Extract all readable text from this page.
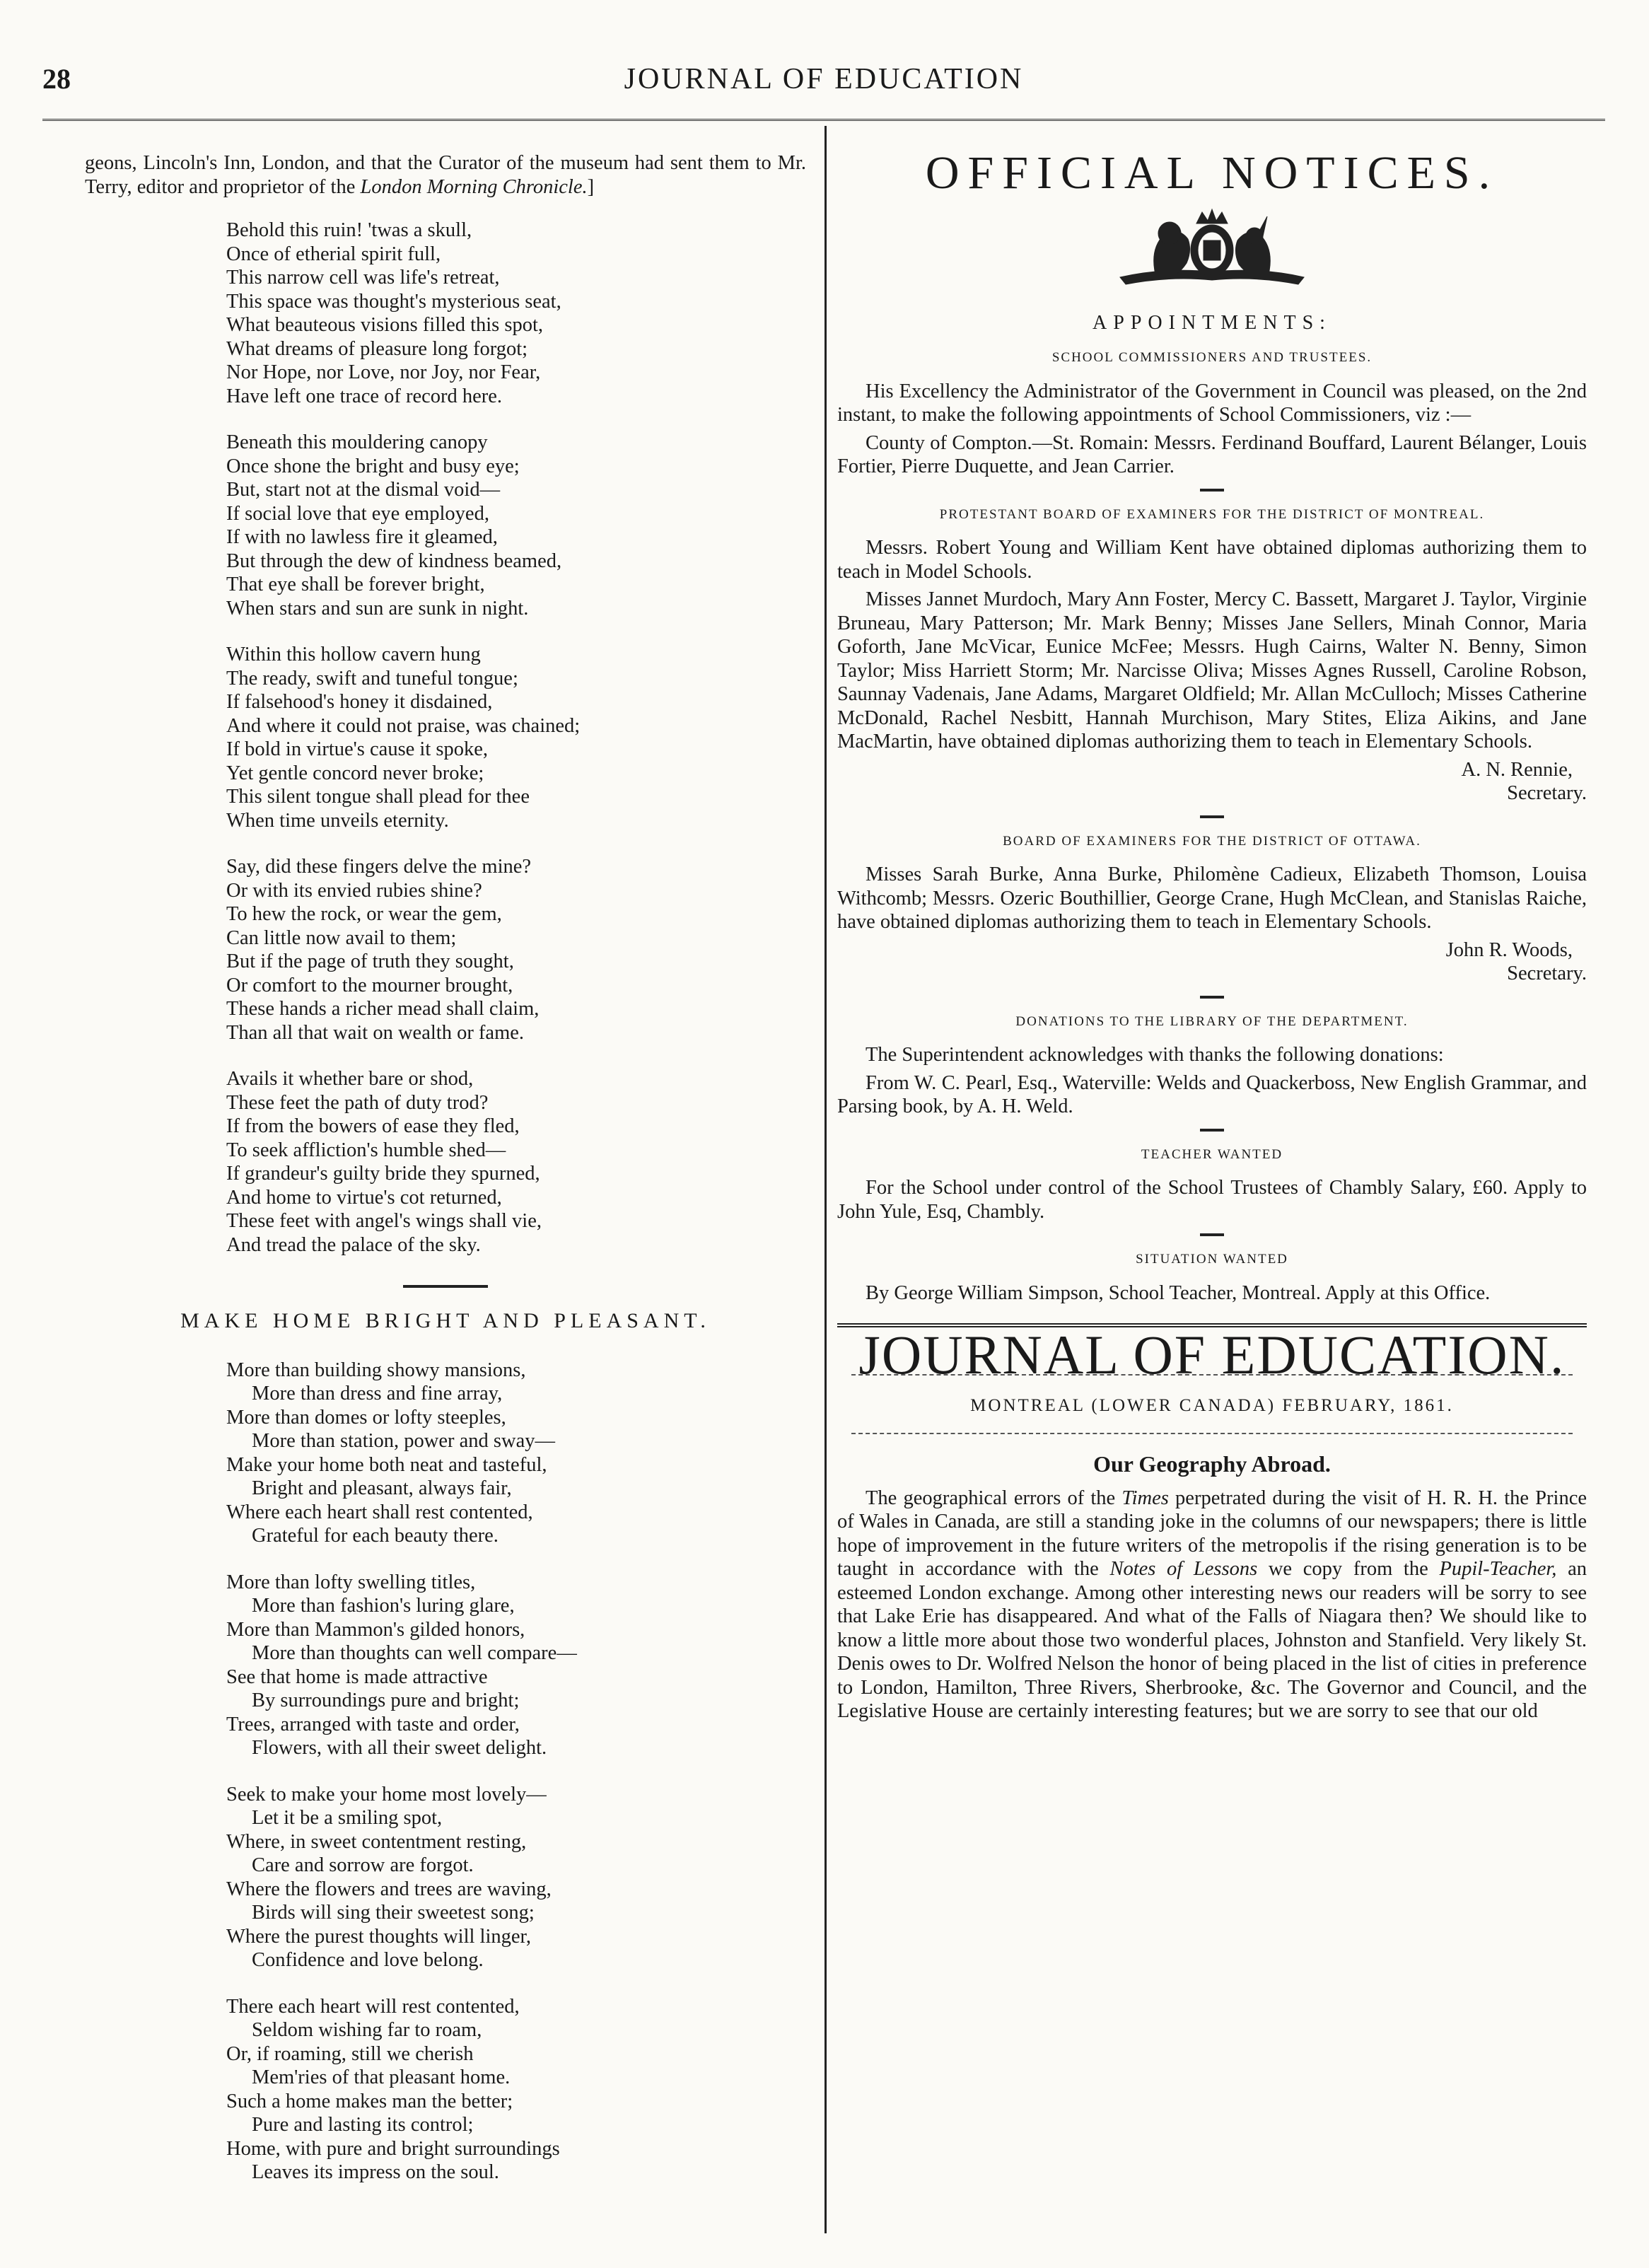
28	JOURNAL OF EDUCATION

geons, Lincoln's Inn, London, and that the Curator of the museum had sent them to Mr. Terry, editor and proprietor of the London Morning Chronicle.]

Behold this ruin! 'twas a skull,
Once of etherial spirit full,
This narrow cell was life's retreat,
This space was thought's mysterious seat,
What beauteous visions filled this spot,
What dreams of pleasure long forgot;
Nor Hope, nor Love, nor Joy, nor Fear,
Have left one trace of record here.
Beneath this mouldering canopy
Once shone the bright and busy eye;
But, start not at the dismal void—
If social love that eye employed,
If with no lawless fire it gleamed,
But through the dew of kindness beamed,
That eye shall be forever bright,
When stars and sun are sunk in night.
Within this hollow cavern hung
The ready, swift and tuneful tongue;
If falsehood's honey it disdained,
And where it could not praise, was chained;
If bold in virtue's cause it spoke,
Yet gentle concord never broke;
This silent tongue shall plead for thee
When time unveils eternity.
Say, did these fingers delve the mine?
Or with its envied rubies shine?
To hew the rock, or wear the gem,
Can little now avail to them;
But if the page of truth they sought,
Or comfort to the mourner brought,
These hands a richer mead shall claim,
Than all that wait on wealth or fame.
Avails it whether bare or shod,
These feet the path of duty trod?
If from the bowers of ease they fled,
To seek affliction's humble shed—
If grandeur's guilty bride they spurned,
And home to virtue's cot returned,
These feet with angel's wings shall vie,
And tread the palace of the sky.
MAKE HOME BRIGHT AND PLEASANT.
More than building showy mansions,
More than dress and fine array,
More than domes or lofty steeples,
More than station, power and sway—
Make your home both neat and tasteful,
Bright and pleasant, always fair,
Where each heart shall rest contented,
Grateful for each beauty there.
More than lofty swelling titles,
More than fashion's luring glare,
More than Mammon's gilded honors,
More than thoughts can well compare—
See that home is made attractive
By surroundings pure and bright;
Trees, arranged with taste and order,
Flowers, with all their sweet delight.
Seek to make your home most lovely—
Let it be a smiling spot,
Where, in sweet contentment resting,
Care and sorrow are forgot.
Where the flowers and trees are waving,
Birds will sing their sweetest song;
Where the purest thoughts will linger,
Confidence and love belong.
There each heart will rest contented,
Seldom wishing far to roam,
Or, if roaming, still we cherish
Mem'ries of that pleasant home.
Such a home makes man the better;
Pure and lasting its control;
Home, with pure and bright surroundings
Leaves its impress on the soul.
OFFICIAL NOTICES.
APPOINTMENTS:
SCHOOL COMMISSIONERS AND TRUSTEES.

His Excellency the Administrator of the Government in Council was pleased, on the 2nd instant, to make the following appointments of School Commissioners, viz :—

County of Compton.—St. Romain: Messrs. Ferdinand Bouffard, Laurent Bélanger, Louis Fortier, Pierre Duquette, and Jean Carrier.

PROTESTANT BOARD OF EXAMINERS FOR THE DISTRICT OF MONTREAL.

Messrs. Robert Young and William Kent have obtained diplomas authorizing them to teach in Model Schools.

Misses Jannet Murdoch, Mary Ann Foster, Mercy C. Bassett, Margaret J. Taylor, Virginie Bruneau, Mary Patterson; Mr. Mark Benny; Misses Jane Sellers, Minah Connor, Maria Goforth, Jane McVicar, Eunice McFee; Messrs. Hugh Cairns, Walter N. Benny, Simon Taylor; Miss Harriett Storm; Mr. Narcisse Oliva; Misses Agnes Russell, Caroline Robson, Saunnay Vadenais, Jane Adams, Margaret Oldfield; Mr. Allan McCulloch; Misses Catherine McDonald, Rachel Nesbitt, Hannah Murchison, Mary Stites, Eliza Aikins, and Jane MacMartin, have obtained diplomas authorizing them to teach in Elementary Schools.

A. N. Rennie,
Secretary.
BOARD OF EXAMINERS FOR THE DISTRICT OF OTTAWA.

Misses Sarah Burke, Anna Burke, Philomène Cadieux, Elizabeth Thomson, Louisa Withcomb; Messrs. Ozeric Bouthillier, George Crane, Hugh McClean, and Stanislas Raiche, have obtained diplomas authorizing them to teach in Elementary Schools.

John R. Woods,
Secretary.
DONATIONS TO THE LIBRARY OF THE DEPARTMENT.

The Superintendent acknowledges with thanks the following donations:

From W. C. Pearl, Esq., Waterville: Welds and Quackerboss, New English Grammar, and Parsing book, by A. H. Weld.

TEACHER WANTED

For the School under control of the School Trustees of Chambly Salary, £60. Apply to John Yule, Esq, Chambly.

SITUATION WANTED

By George William Simpson, School Teacher, Montreal. Apply at this Office.

JOURNAL OF EDUCATION.
MONTREAL (LOWER CANADA) FEBRUARY, 1861.
Our Geography Abroad.

The geographical errors of the Times perpetrated during the visit of H. R. H. the Prince of Wales in Canada, are still a standing joke in the columns of our newspapers; there is little hope of improvement in the future writers of the metropolis if the rising generation is to be taught in accordance with the Notes of Lessons we copy from the Pupil-Teacher, an esteemed London exchange. Among other interesting news our readers will be sorry to see that Lake Erie has disappeared. And what of the Falls of Niagara then? We should like to know a little more about those two wonderful places, Johnston and Stanfield. Very likely St. Denis owes to Dr. Wolfred Nelson the honor of being placed in the list of cities in preference to London, Hamilton, Three Rivers, Sherbrooke, &c. The Governor and Council, and the Legislative House are certainly interesting features; but we are sorry to see that our old
